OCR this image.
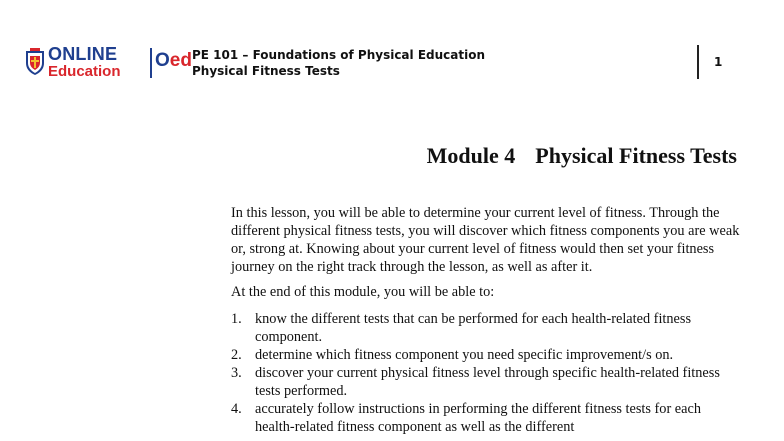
ONLINE
Education
Oed PE 101 – Foundations of Physical Education
Physical Fitness Tests
1
Module 4 Physical Fitness Tests

In this lesson, you will be able to determine your current level of fitness. Through the different physical fitness tests, you will discover which fitness components you are weak or, strong at. Knowing about your current level of fitness would then set your fitness journey on the right track through the lesson, as well as after it.

At the end of this module, you will be able to:

1. know the different tests that can be performed for each health-related fitness component.
2. determine which fitness component you need specific improvement/s on.
3. discover your current physical fitness level through specific health-related fitness tests performed.
4. accurately follow instructions in performing the different fitness tests for each health-related fitness component as well as the different
